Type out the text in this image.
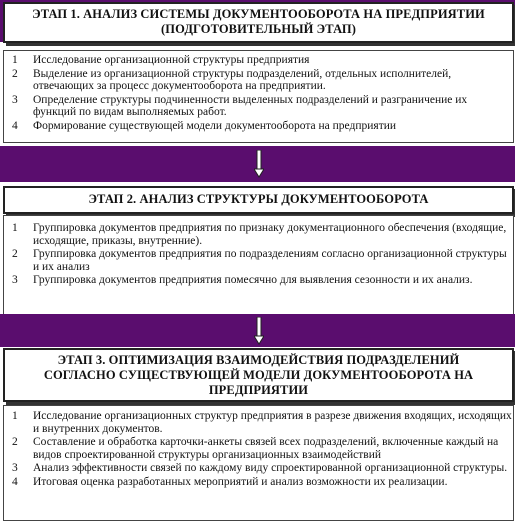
ЭТАП 1. АНАЛИЗ СИСТЕМЫ ДОКУМЕНТООБОРОТА НА ПРЕДПРИЯТИИ
(ПОДГОТОВИТЕЛЬНЫЙ ЭТАП)
1	Исследование организационной структуры предприятия
2	Выделение из организационной структуры подразделений, отдельных исполнителей, отвечающих за процесс документооборота на предприятии.
3	Определение структуры подчиненности выделенных подразделений и разграничение их функций по видам выполняемых работ.
4	Формирование существующей модели документооборота на предприятии
ЭТАП 2. АНАЛИЗ СТРУКТУРЫ ДОКУМЕНТООБОРОТА
1	Группировка документов предприятия по признаку документационного обеспечения (входящие, исходящие, приказы, внутренние).
2	Группировка документов предприятия по подразделениям согласно организационной структуры и их анализ
3	Группировка документов предприятия помесячно для выявления сезонности и их анализ.
ЭТАП 3. ОПТИМИЗАЦИЯ ВЗАИМОДЕЙСТВИЯ ПОДРАЗДЕЛЕНИЙ
СОГЛАСНО СУЩЕСТВУЮЩЕЙ МОДЕЛИ ДОКУМЕНТООБОРОТА НА
ПРЕДПРИЯТИИ
1	Исследование организационных структур предприятия в разрезе движения входящих, исходящих и внутренних документов.
2	Составление и обработка карточки-анкеты связей всех подразделений, включенные каждый на видов спроектированной структуры организационных взаимодействий
3	Анализ эффективности связей по каждому виду спроектированной организационной структуры.
4	Итоговая оценка разработанных мероприятий и анализ возможности их реализации.
